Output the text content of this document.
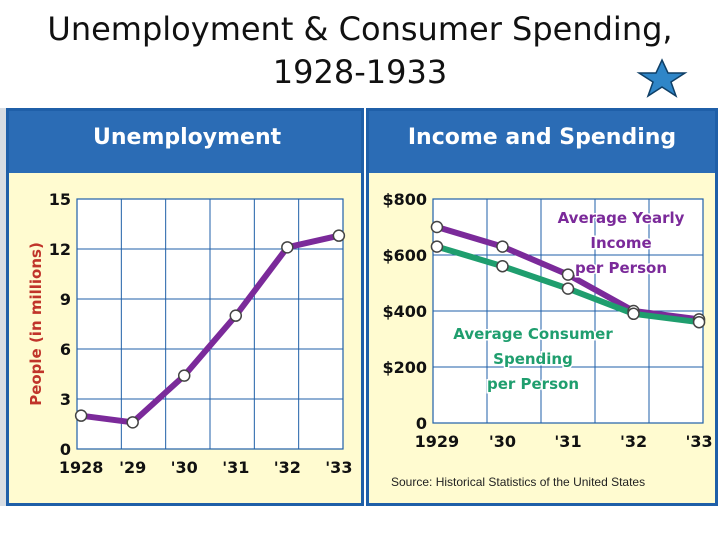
Unemployment & Consumer Spending,
1928-1933
Unemployment
0
3
6
9
12
15
1928 '29 '30 '31 '32 '33
People (in millions)
Income and Spending
0
$200
$400
$600
$800
1929 '30 '31 '32 '33
Average Yearly
Income
per Person
Average Consumer
Spending
per Person
Source: Historical Statistics of the United States
